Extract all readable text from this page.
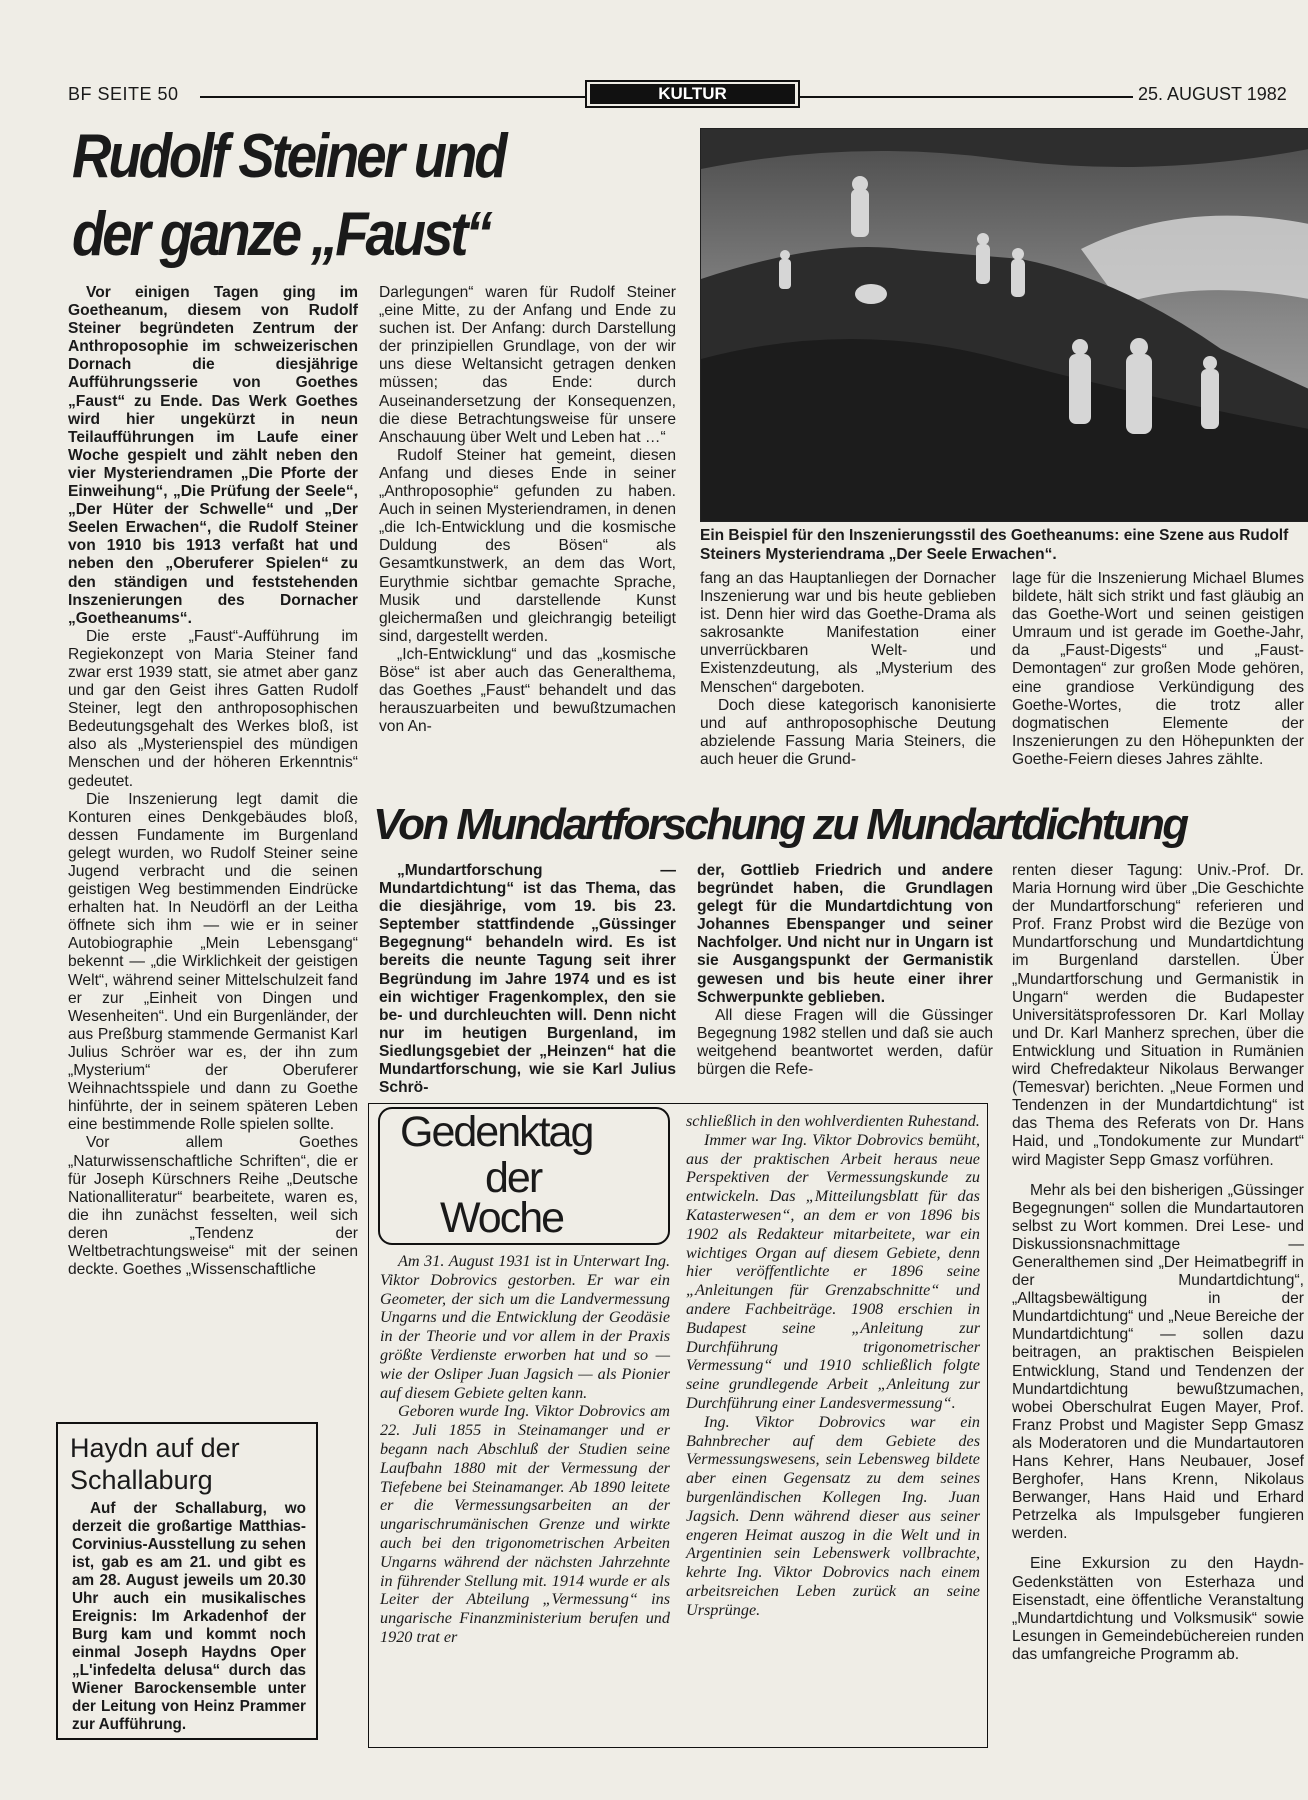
BF SEITE 50	KULTUR	25. AUGUST 1982
Rudolf Steiner und
der ganze „Faust“

Vor einigen Tagen ging im Goetheanum, diesem von Rudolf Steiner begründeten Zentrum der Anthroposophie im schweizerischen Dornach die diesjährige Aufführungsserie von Goethes „Faust“ zu Ende. Das Werk Goethes wird hier ungekürzt in neun Teilaufführungen im Laufe einer Woche gespielt und zählt neben den vier Mysteriendramen „Die Pforte der Einweihung“, „Die Prüfung der Seele“, „Der Hüter der Schwelle“ und „Der Seelen Erwachen“, die Rudolf Steiner von 1910 bis 1913 verfaßt hat und neben den „Oberuferer Spielen“ zu den ständigen und feststehenden Inszenierungen des Dornacher „Goetheanums“.

Die erste „Faust“-Aufführung im Regiekonzept von Maria Steiner fand zwar erst 1939 statt, sie atmet aber ganz und gar den Geist ihres Gatten Rudolf Steiner, legt den anthroposophischen Bedeutungsgehalt des Werkes bloß, ist also als „Mysterienspiel des mündigen Menschen und der höheren Erkenntnis“ gedeutet.

Die Inszenierung legt damit die Konturen eines Denkgebäudes bloß, dessen Fundamente im Burgenland gelegt wurden, wo Rudolf Steiner seine Jugend verbracht und die seinen geistigen Weg bestimmenden Eindrücke erhalten hat. In Neudörfl an der Leitha öffnete sich ihm — wie er in seiner Autobiographie „Mein Lebensgang“ bekennt — „die Wirklichkeit der geistigen Welt“, während seiner Mittelschulzeit fand er zur „Einheit von Dingen und Wesenheiten“. Und ein Burgenländer, der aus Preßburg stammende Germanist Karl Julius Schröer war es, der ihn zum „Mysterium“ der Oberuferer Weihnachtsspiele und dann zu Goethe hinführte, der in seinem späteren Leben eine bestimmende Rolle spielen sollte.

Vor allem Goethes „Naturwissenschaftliche Schriften“, die er für Joseph Kürschners Reihe „Deutsche Nationalliteratur“ bearbeitete, waren es, die ihn zunächst fesselten, weil sich deren „Tendenz der Weltbetrachtungsweise“ mit der seinen deckte. Goethes „Wissenschaftliche

Darlegungen“ waren für Rudolf Steiner „eine Mitte, zu der Anfang und Ende zu suchen ist. Der Anfang: durch Darstellung der prinzipiellen Grundlage, von der wir uns diese Weltansicht getragen denken müssen; das Ende: durch Auseinandersetzung der Konsequenzen, die diese Betrachtungsweise für unsere Anschauung über Welt und Leben hat …“

Rudolf Steiner hat gemeint, diesen Anfang und dieses Ende in seiner „Anthroposophie“ gefunden zu haben. Auch in seinen Mysteriendramen, in denen „die Ich-Entwicklung und die kosmische Duldung des Bösen“ als Gesamtkunstwerk, an dem das Wort, Eurythmie sichtbar gemachte Sprache, Musik und darstellende Kunst gleichermaßen und gleichrangig beteiligt sind, dargestellt werden.

„Ich-Entwicklung“ und das „kosmische Böse“ ist aber auch das Generalthema, das Goethes „Faust“ behandelt und das herauszuarbeiten und bewußtzumachen von An-

Ein Beispiel für den Inszenierungsstil des Goetheanums: eine Szene aus Rudolf Steiners Mysteriendrama „Der Seele Erwachen“.

fang an das Hauptanliegen der Dornacher Inszenierung war und bis heute geblieben ist. Denn hier wird das Goethe-Drama als sakrosankte Manifestation einer unverrückbaren Welt- und Existenzdeutung, als „Mysterium des Menschen“ dargeboten.

Doch diese kategorisch kanonisierte und auf anthroposophische Deutung abzielende Fassung Maria Steiners, die auch heuer die Grund-

lage für die Inszenierung Michael Blumes bildete, hält sich strikt und fast gläubig an das Goethe-Wort und seinen geistigen Umraum und ist gerade im Goethe-Jahr, da „Faust-Digests“ und „Faust-Demontagen“ zur großen Mode gehören, eine grandiose Verkündigung des Goethe-Wortes, die trotz aller dogmatischen Elemente der Inszenierungen zu den Höhepunkten der Goethe-Feiern dieses Jahres zählte.

Von Mundartforschung zu Mundartdichtung

„Mundartforschung — Mundartdichtung“ ist das Thema, das die diesjährige, vom 19. bis 23. September stattfindende „Güssinger Begegnung“ behandeln wird. Es ist bereits die neunte Tagung seit ihrer Begründung im Jahre 1974 und es ist ein wichtiger Fragenkomplex, den sie be- und durchleuchten will. Denn nicht nur im heutigen Burgenland, im Siedlungsgebiet der „Heinzen“ hat die Mundartforschung, wie sie Karl Julius Schrö-

der, Gottlieb Friedrich und andere begründet haben, die Grundlagen gelegt für die Mundartdichtung von Johannes Ebenspanger und seiner Nachfolger. Und nicht nur in Ungarn ist sie Ausgangspunkt der Germanistik gewesen und bis heute einer ihrer Schwerpunkte geblieben.

All diese Fragen will die Güssinger Begegnung 1982 stellen und daß sie auch weitgehend beantwortet werden, dafür bürgen die Refe-

renten dieser Tagung: Univ.-Prof. Dr. Maria Hornung wird über „Die Geschichte der Mundartforschung“ referieren und Prof. Franz Probst wird die Bezüge von Mundartforschung und Mundartdichtung im Burgenland darstellen. Über „Mundartforschung und Germanistik in Ungarn“ werden die Budapester Universitätsprofessoren Dr. Karl Mollay und Dr. Karl Manherz sprechen, über die Entwicklung und Situation in Rumänien wird Chefredakteur Nikolaus Berwanger (Temesvar) berichten. „Neue Formen und Tendenzen in der Mundartdichtung“ ist das Thema des Referats von Dr. Hans Haid, und „Tondokumente zur Mundart“ wird Magister Sepp Gmasz vorführen.

Mehr als bei den bisherigen „Güssinger Begegnungen“ sollen die Mundartautoren selbst zu Wort kommen. Drei Lese- und Diskussionsnachmittage — Generalthemen sind „Der Heimatbegriff in der Mundartdichtung“, „Alltagsbewältigung in der Mundartdichtung“ und „Neue Bereiche der Mundartdichtung“ — sollen dazu beitragen, an praktischen Beispielen Entwicklung, Stand und Tendenzen der Mundartdichtung bewußtzumachen, wobei Oberschulrat Eugen Mayer, Prof. Franz Probst und Magister Sepp Gmasz als Moderatoren und die Mundartautoren Hans Kehrer, Hans Neubauer, Josef Berghofer, Hans Krenn, Nikolaus Berwanger, Hans Haid und Erhard Petrzelka als Impulsgeber fungieren werden.

Eine Exkursion zu den Haydn-Gedenkstätten von Esterhaza und Eisenstadt, eine öffentliche Veranstaltung „Mundartdichtung und Volksmusik“ sowie Lesungen in Gemeindebüchereien runden das umfangreiche Programm ab.

Gedenktag
der
Woche

Am 31. August 1931 ist in Unterwart Ing. Viktor Dobrovics gestorben. Er war ein Geometer, der sich um die Landvermessung Ungarns und die Entwicklung der Geodäsie in der Theorie und vor allem in der Praxis größte Verdienste erworben hat und so — wie der Osliper Juan Jagsich — als Pionier auf diesem Gebiete gelten kann.

Geboren wurde Ing. Viktor Dobrovics am 22. Juli 1855 in Steinamanger und er begann nach Abschluß der Studien seine Laufbahn 1880 mit der Vermessung der Tiefebene bei Steinamanger. Ab 1890 leitete er die Vermessungsarbeiten an der ungarischrumänischen Grenze und wirkte auch bei den trigonometrischen Arbeiten Ungarns während der nächsten Jahrzehnte in führender Stellung mit. 1914 wurde er als Leiter der Abteilung „Vermessung“ ins ungarische Finanzministerium berufen und 1920 trat er

schließlich in den wohlverdienten Ruhestand.

Immer war Ing. Viktor Dobrovics bemüht, aus der praktischen Arbeit heraus neue Perspektiven der Vermessungskunde zu entwickeln. Das „Mitteilungsblatt für das Katasterwesen“, an dem er von 1896 bis 1902 als Redakteur mitarbeitete, war ein wichtiges Organ auf diesem Gebiete, denn hier veröffentlichte er 1896 seine „Anleitungen für Grenzabschnitte“ und andere Fachbeiträge. 1908 erschien in Budapest seine „Anleitung zur Durchführung trigonometrischer Vermessung“ und 1910 schließlich folgte seine grundlegende Arbeit „Anleitung zur Durchführung einer Landesvermessung“.

Ing. Viktor Dobrovics war ein Bahnbrecher auf dem Gebiete des Vermessungswesens, sein Lebensweg bildete aber einen Gegensatz zu dem seines burgenländischen Kollegen Ing. Juan Jagsich. Denn während dieser aus seiner engeren Heimat auszog in die Welt und in Argentinien sein Lebenswerk vollbrachte, kehrte Ing. Viktor Dobrovics nach einem arbeitsreichen Leben zurück an seine Ursprünge.

Haydn auf der
Schallaburg

Auf der Schallaburg, wo derzeit die großartige Matthias-Corvinius-Ausstellung zu sehen ist, gab es am 21. und gibt es am 28. August jeweils um 20.30 Uhr auch ein musikalisches Ereignis: Im Arkadenhof der Burg kam und kommt noch einmal Joseph Haydns Oper „L'infedelta delusa“ durch das Wiener Barockensemble unter der Leitung von Heinz Prammer zur Aufführung.
